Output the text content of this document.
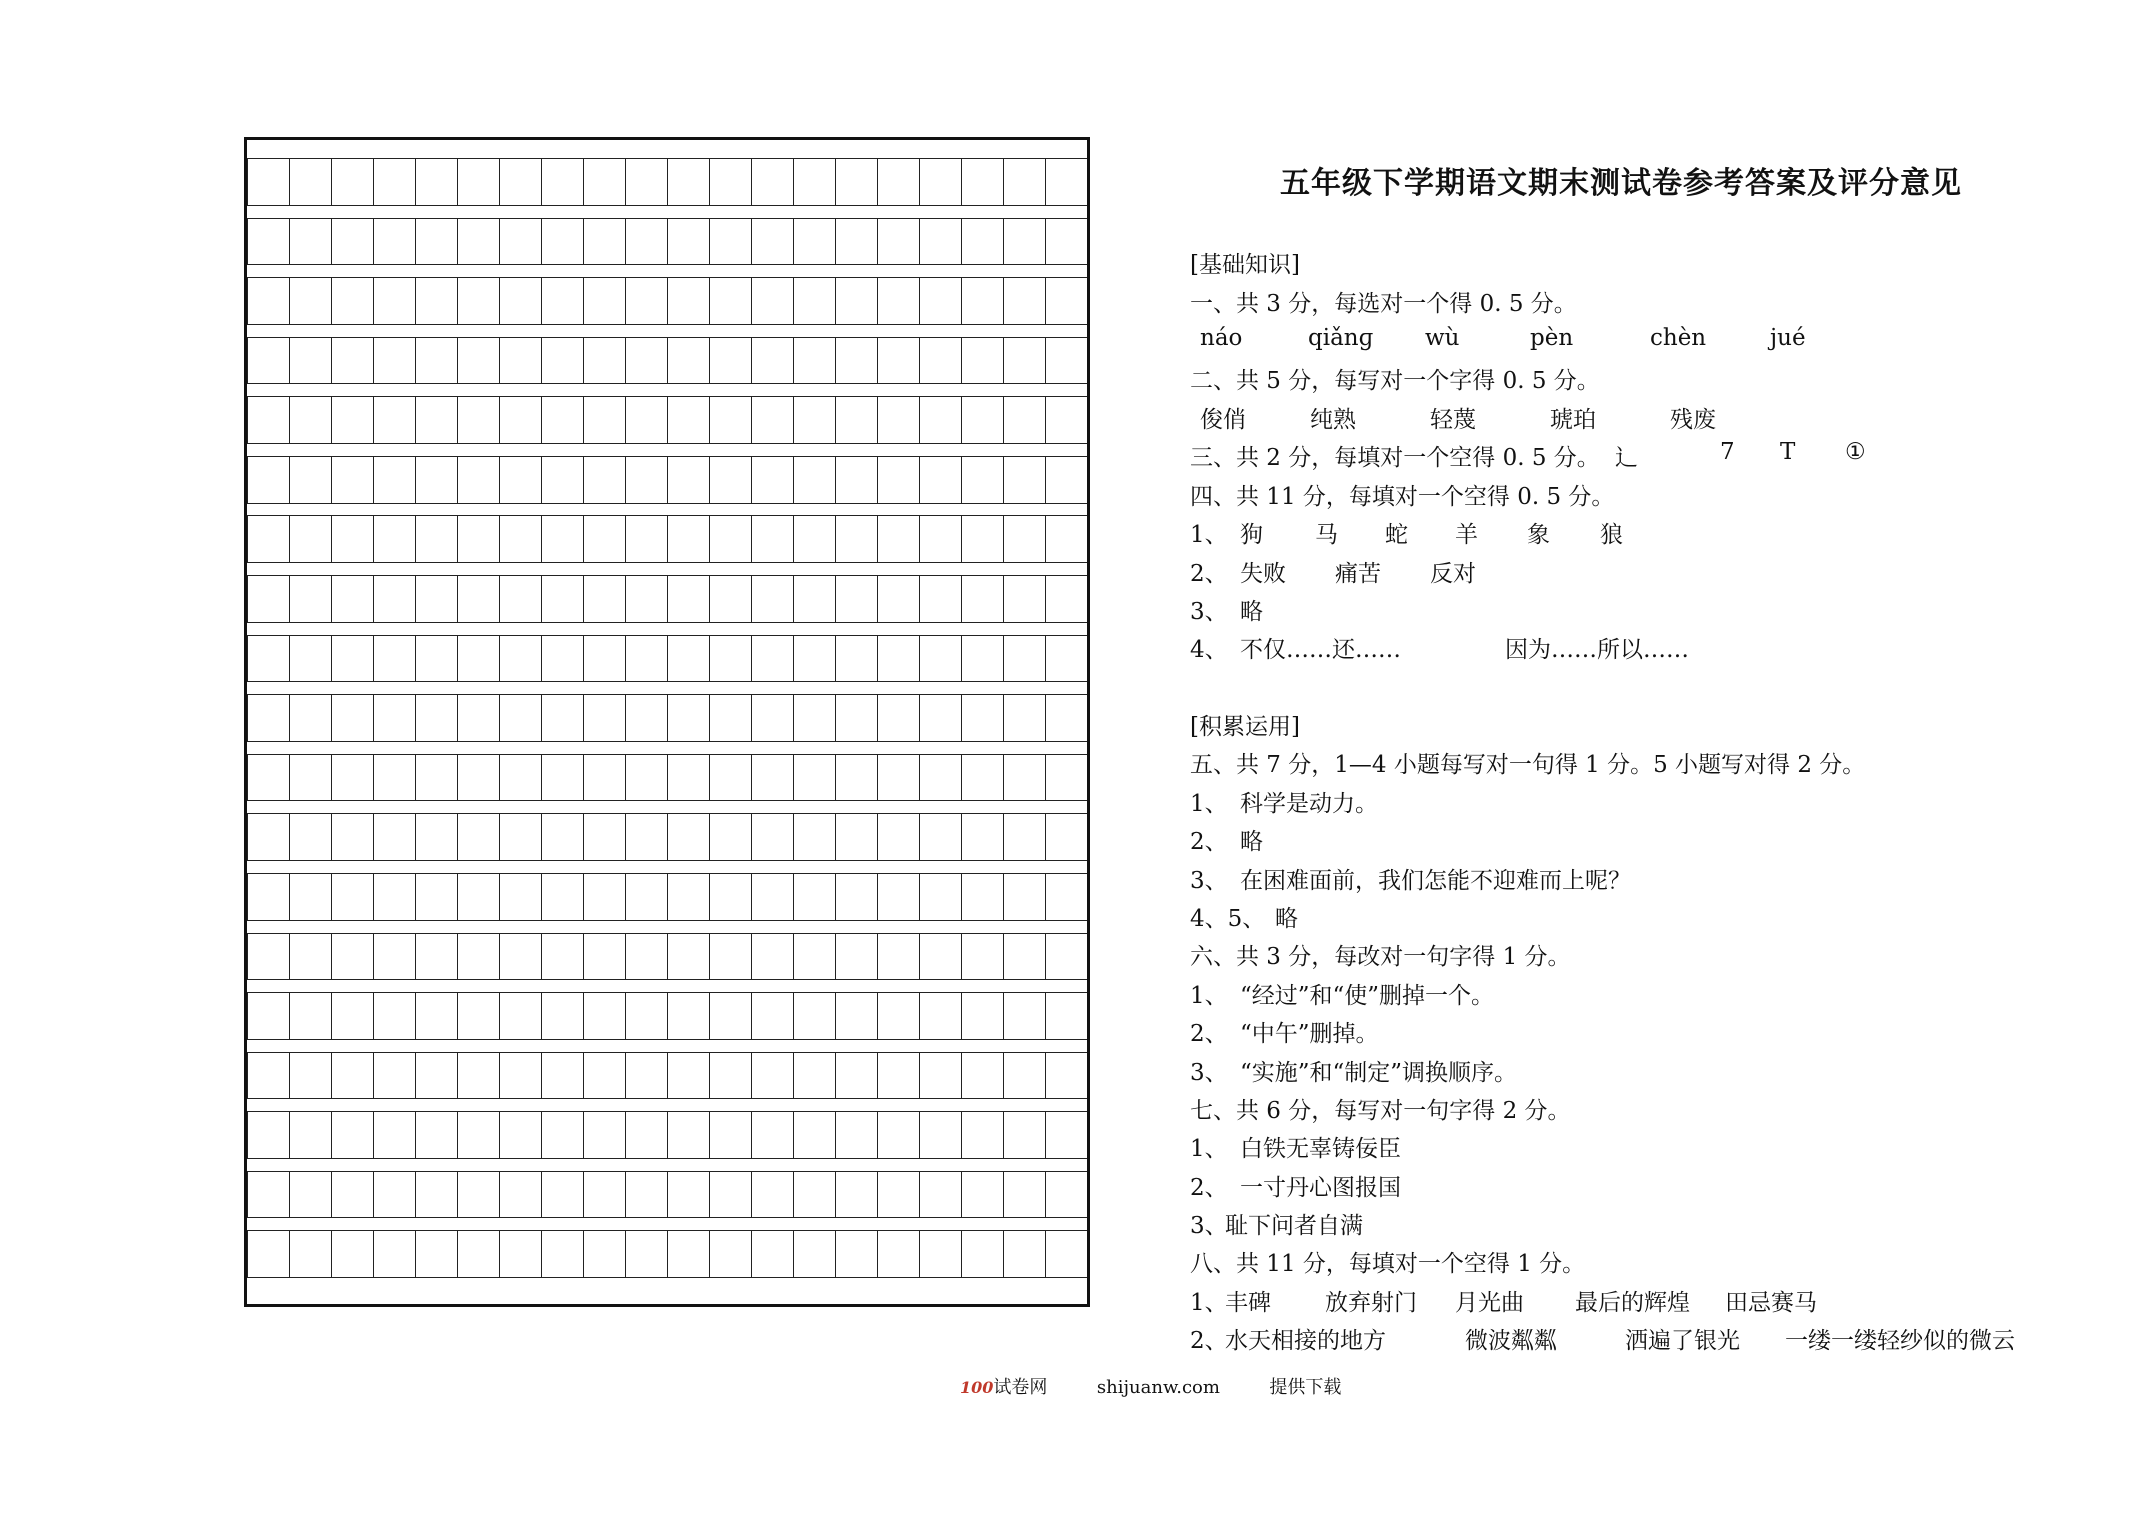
五年级下学期语文期末测试卷参考答案及评分意见
[基础知识]
一、共 3 分，每选对一个得 0. 5 分。
náo	qiǎnɡ wù	pèn	chèn	jué
二、共 5 分，每写对一个字得 0. 5 分。
俊俏	纯熟	轻蔑	琥珀	残废
三、共 2 分，每填对一个空得 0. 5 分。 辶	7 T ①
四、共 11 分，每填对一个空得 0. 5 分。
1、 狗 马 蛇 羊 象 狼
2、 失败 痛苦 反对
3、 略
4、 不仅……还……	因为……所以……
[积累运用]
五、共 7 分，1—4 小题每写对一句得 1 分。5 小题写对得 2 分。
1、 科学是动力。
2、 略
3、 在困难面前，我们怎能不迎难而上呢？
4、5、 略
六、共 3 分，每改对一句字得 1 分。
1、 “经过”和“使”删掉一个。
2、 “中午”删掉。
3、 “实施”和“制定”调换顺序。
七、共 6 分，每写对一句字得 2 分。
1、 白铁无辜铸佞臣
2、 一寸丹心图报国
3、
耻下问者自满
八、共 11 分，每填对一个空得 1 分。
1、
丰碑 放弃射门 月光曲 最后的辉煌 田忌赛马
2、
水天相接的地方	微波粼粼	洒遍了银光 一缕一缕轻纱似的微云
100试卷网	shijuanw.com	提供下载
